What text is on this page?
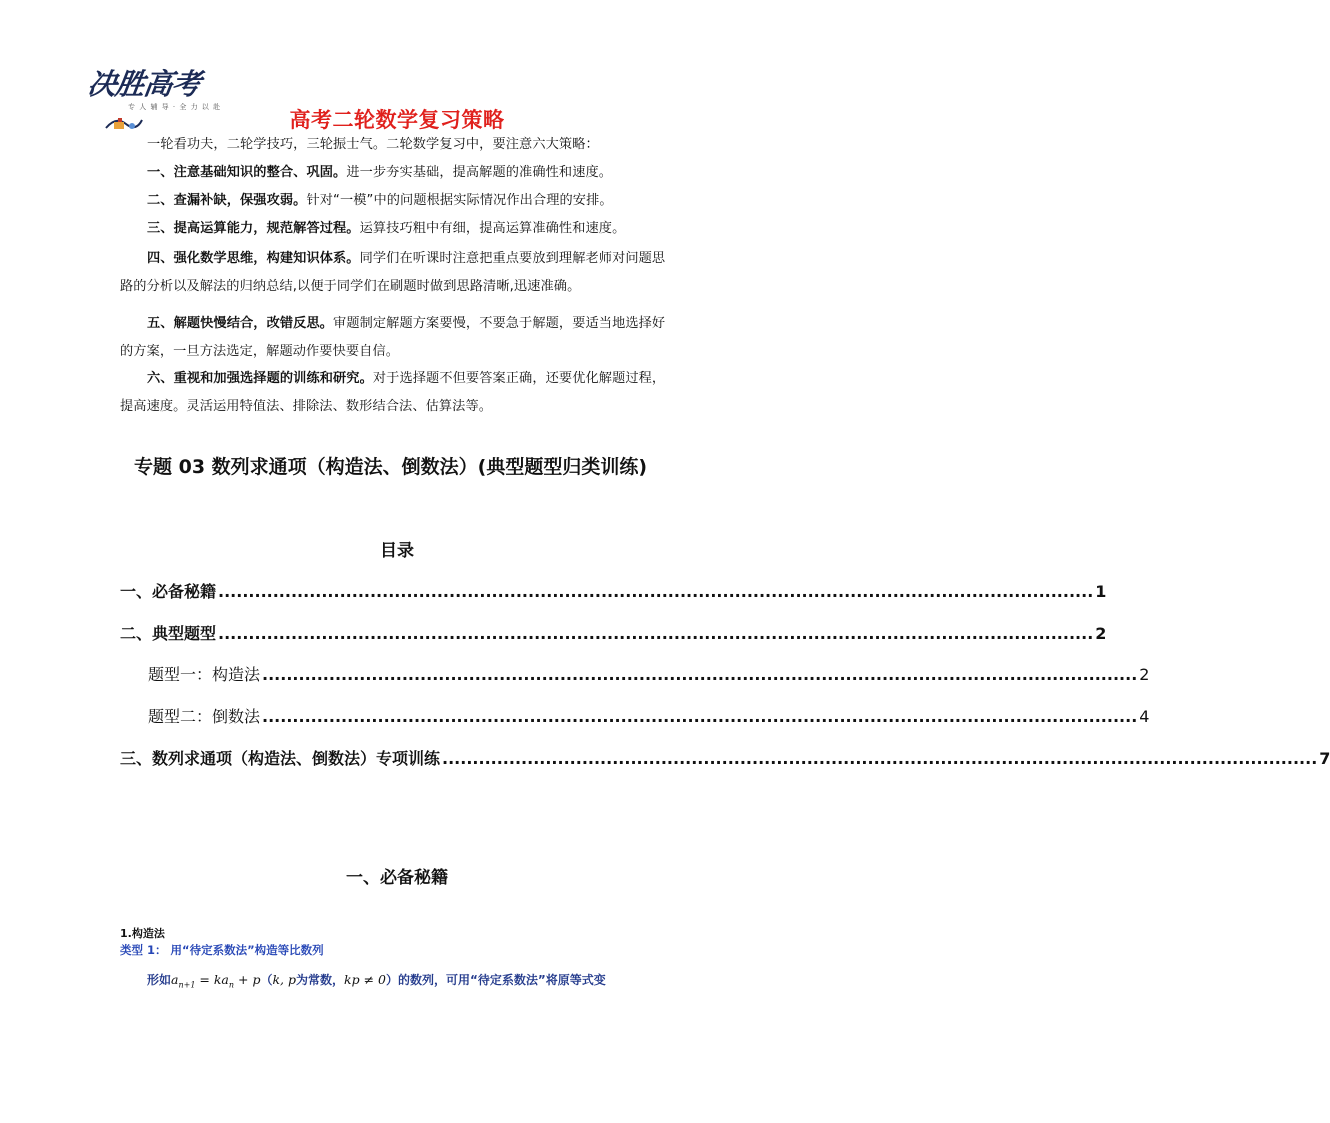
决胜高考
专 人 辅 导 · 全 力 以 赴
高考二轮数学复习策略

一轮看功夫，二轮学技巧，三轮振士气。二轮数学复习中，要注意六大策略：

一、注意基础知识的整合、巩固。进一步夯实基础，提高解题的准确性和速度。

二、查漏补缺，保强攻弱。针对“一模”中的问题根据实际情况作出合理的安排。

三、提高运算能力，规范解答过程。运算技巧粗中有细，提高运算准确性和速度。

四、强化数学思维，构建知识体系。同学们在听课时注意把重点要放到理解老师对问题思路的分析以及解法的归纳总结,以便于同学们在刷题时做到思路清晰,迅速准确。

五、解题快慢结合，改错反思。审题制定解题方案要慢，不要急于解题，要适当地选择好的方案，一旦方法选定，解题动作要快要自信。

六、重视和加强选择题的训练和研究。对于选择题不但要答案正确，还要优化解题过程，提高速度。灵活运用特值法、排除法、数形结合法、估算法等。

专题 03 数列求通项（构造法、倒数法）(典型题型归类训练)

目录
一、必备秘籍 ................................................................................................................................................ 1
二、典型题型 ................................................................................................................................................ 2
题型一：构造法 ................................................................................................................................................ 2
题型二：倒数法 ................................................................................................................................................ 4
三、数列求通项（构造法、倒数法）专项训练 ................................................................................................................................................ 7
一、必备秘籍
1.构造法
类型 1： 用“待定系数法”构造等比数列
形如$a_{n+1} = ka_n + p(k$, p为常数，kp ≠ 0）的数列，可用“待定系数法”将原等式变
